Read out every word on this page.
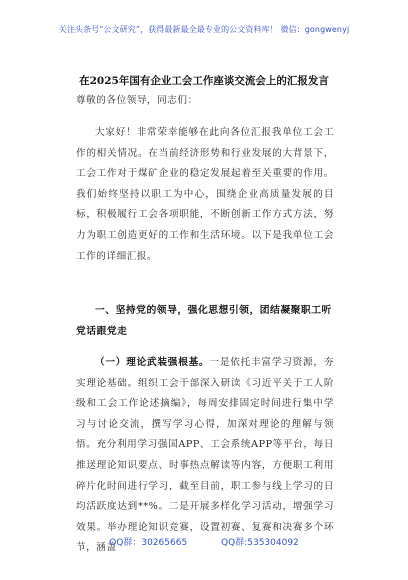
关注头条号“公文研究”，获得最新最全最专业的公文资料库！ 微信：gongwenyj
在2025年国有企业工会工作座谈交流会上的汇报发言
尊敬的各位领导，同志们：
大家好！非常荣幸能够在此向各位汇报我单位工会工作的相关情况。在当前经济形势和行业发展的大背景下，工会工作对于煤矿企业的稳定发展起着至关重要的作用。我们始终坚持以职工为中心，围绕企业高质量发展的目标，积极履行工会各项职能，不断创新工作方式方法，努力为职工创造更好的工作和生活环境。以下是我单位工会工作的详细汇报。
一、坚持党的领导，强化思想引领，团结凝聚职工听党话跟党走
（一）理论武装强根基。一是依托丰富学习资源，夯实理论基础。组织工会干部深入研读《习近平关于工人阶级和工会工作论述摘编》，每周安排固定时间进行集中学习与讨论交流，撰写学习心得，加深对理论的理解与领悟。充分利用学习强国APP、工会系统APP等平台，每日推送理论知识要点、时事热点解读等内容，方便职工利用碎片化时间进行学习，截至目前，职工参与线上学习的日均活跃度达到**%。二是开展多样化学习活动，增强学习效果。举办理论知识竞赛，设置初赛、复赛和决赛多个环节，涵盖
QQ群：30265665	QQ群:535304092
